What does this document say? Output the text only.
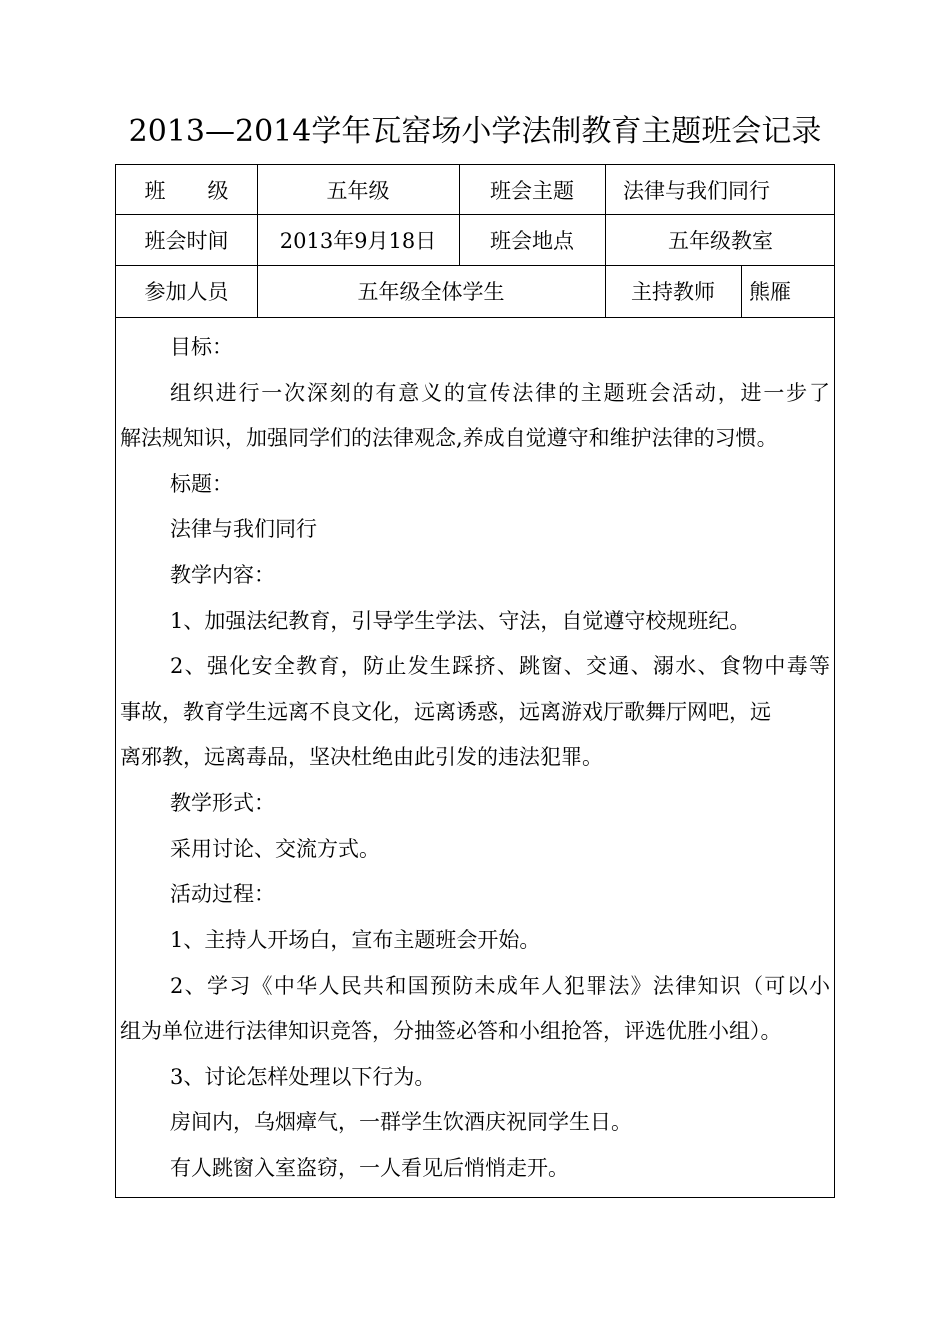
2013—2014学年瓦窑场小学法制教育主题班会记录
班　　级	五年级	班会主题	法律与我们同行
班会时间	2013年9月18日	班会地点	五年级教室
参加人员	五年级全体学生	主持教师	熊雁
目标：
组织进行一次深刻的有意义的宣传法律的主题班会活动，进一步了
解法规知识，加强同学们的法律观念,养成自觉遵守和维护法律的习惯。
标题：
法律与我们同行
教学内容：
1、加强法纪教育，引导学生学法、守法，自觉遵守校规班纪。
2、强化安全教育，防止发生踩挤、跳窗、交通、溺水、食物中毒等
事故，教育学生远离不良文化，远离诱惑，远离游戏厅歌舞厅网吧，远
离邪教，远离毒品，坚决杜绝由此引发的违法犯罪。
教学形式：
采用讨论、交流方式。
活动过程：
1、主持人开场白，宣布主题班会开始。
2、学习《中华人民共和国预防未成年人犯罪法》法律知识（可以小
组为单位进行法律知识竞答，分抽签必答和小组抢答，评选优胜小组）。
3、讨论怎样处理以下行为。
房间内，乌烟瘴气，一群学生饮酒庆祝同学生日。
有人跳窗入室盗窃，一人看见后悄悄走开。
